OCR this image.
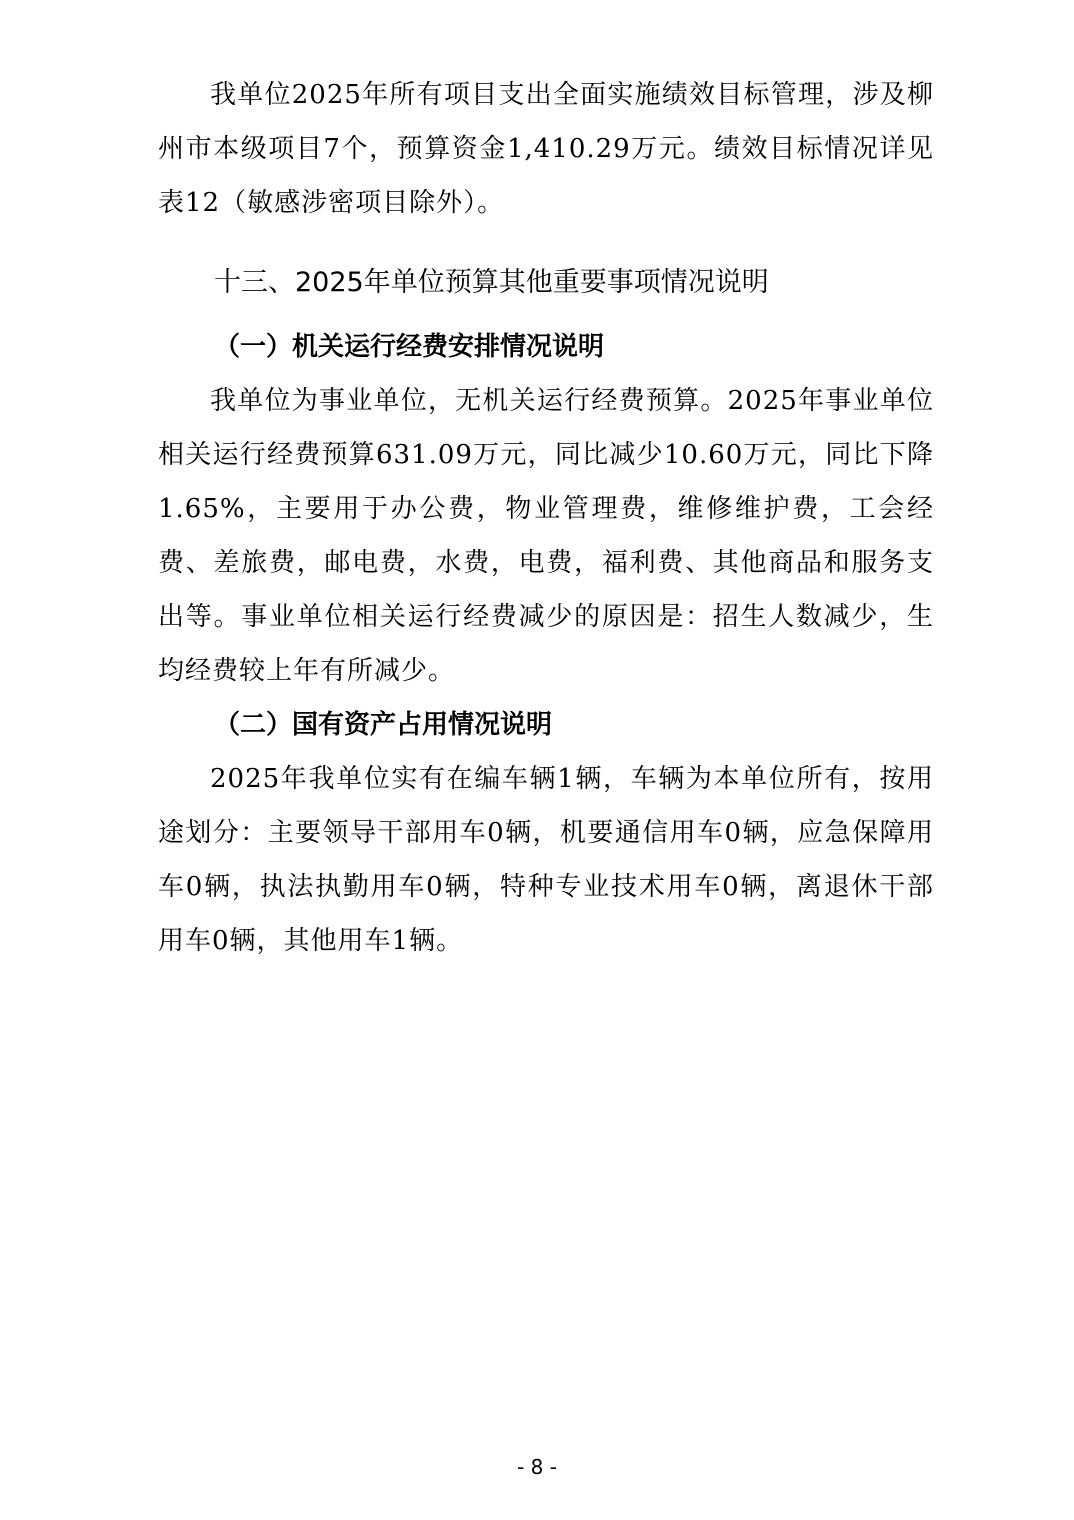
我单位2025年所有项目支出全面实施绩效目标管理，涉及柳州市本级项目7个，预算资金1,410.29万元。绩效目标情况详见表12（敏感涉密项目除外）。

十三、2025年单位预算其他重要事项情况说明
（一）机关运行经费安排情况说明

我单位为事业单位，无机关运行经费预算。2025年事业单位相关运行经费预算631.09万元，同比减少10.60万元，同比下降1.65%，主要用于办公费，物业管理费，维修维护费，工会经费、差旅费，邮电费，水费，电费，福利费、其他商品和服务支出等。事业单位相关运行经费减少的原因是：招生人数减少，生均经费较上年有所减少。

（二）国有资产占用情况说明

2025年我单位实有在编车辆1辆，车辆为本单位所有，按用途划分：主要领导干部用车0辆，机要通信用车0辆，应急保障用车0辆，执法执勤用车0辆，特种专业技术用车0辆，离退休干部用车0辆，其他用车1辆。

- 8 -
